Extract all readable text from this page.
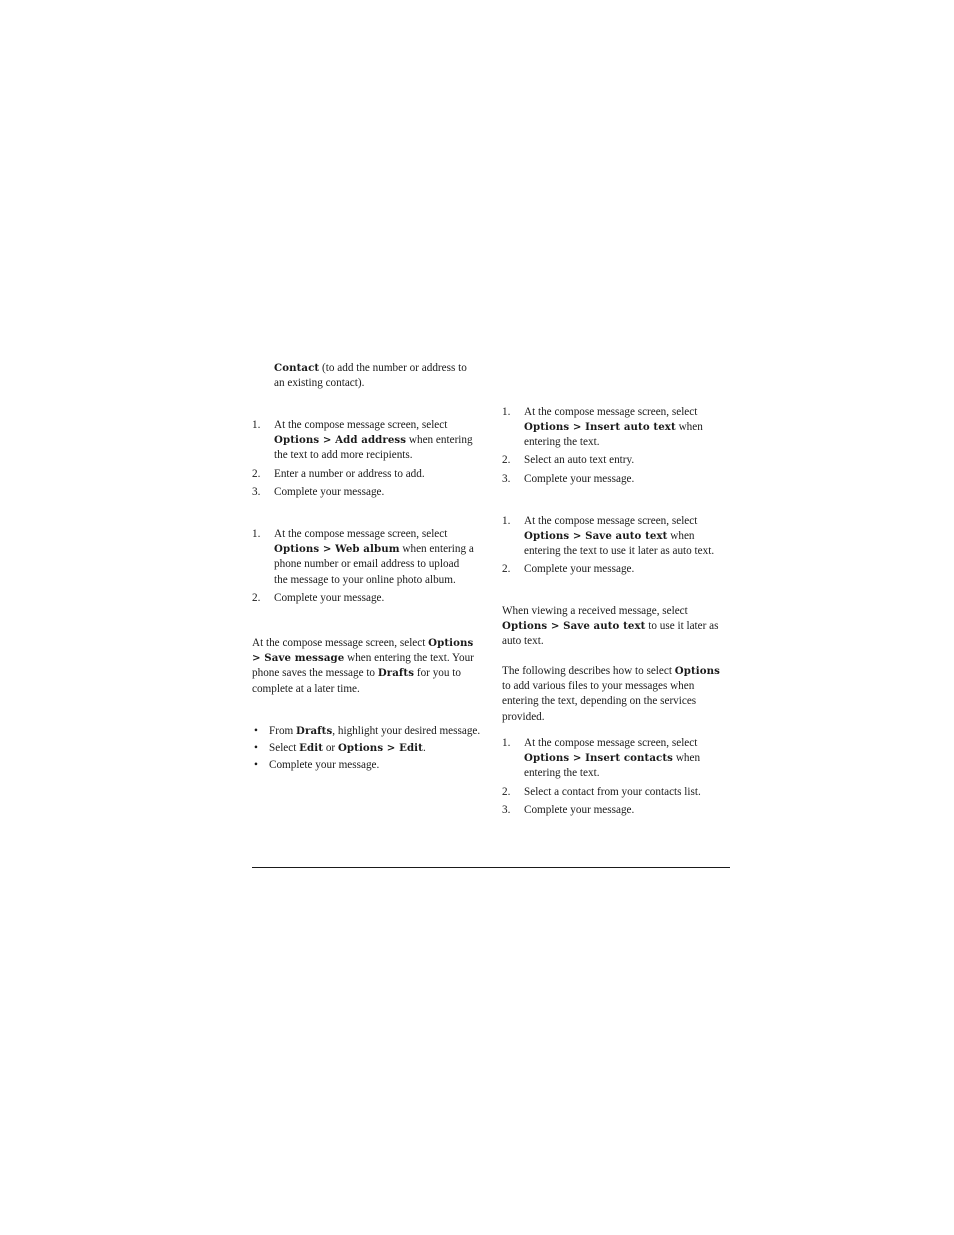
Contact (to add the number or address to an existing contact).
1. At the compose message screen, select Options > Add address when entering the text to add more recipients.
2. Enter a number or address to add.
3. Complete your message.
1. At the compose message screen, select Options > Web album when entering a phone number or email address to upload the message to your online photo album.
2. Complete your message.
At the compose message screen, select Options > Save message when entering the text. Your phone saves the message to Drafts for you to complete at a later time.
• From Drafts, highlight your desired message.
• Select Edit or Options > Edit.
• Complete your message.
1. At the compose message screen, select Options > Insert auto text when entering the text.
2. Select an auto text entry.
3. Complete your message.
1. At the compose message screen, select Options > Save auto text when entering the text to use it later as auto text.
2. Complete your message.
When viewing a received message, select Options > Save auto text to use it later as auto text.
The following describes how to select Options to add various files to your messages when entering the text, depending on the services provided.
1. At the compose message screen, select Options > Insert contacts when entering the text.
2. Select a contact from your contacts list.
3. Complete your message.
